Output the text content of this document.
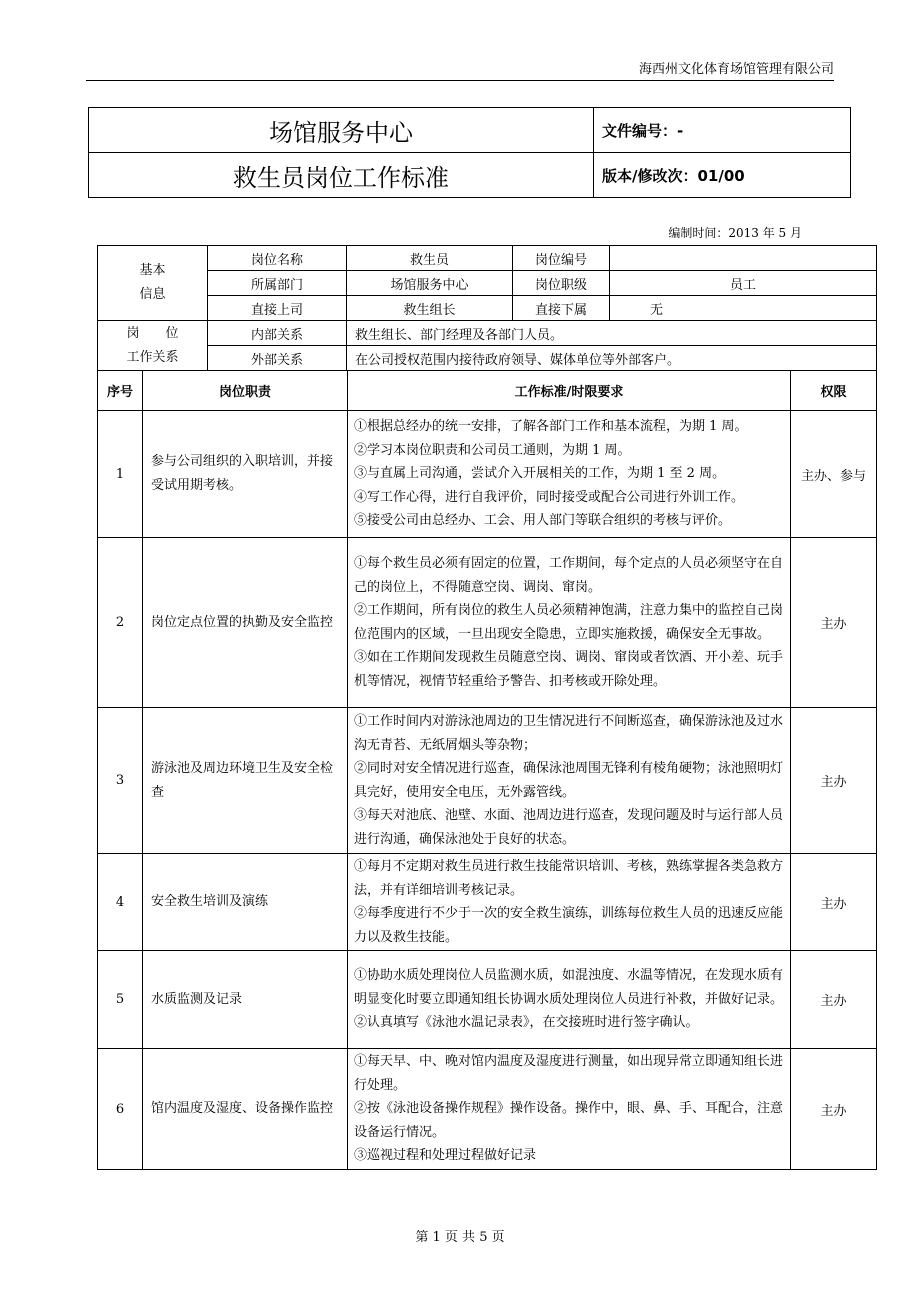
海西州文化体育场馆管理有限公司
场馆服务中心	文件编号：-
救生员岗位工作标准	版本/修改次：01/00
编制时间：2013 年 5 月
基本
信息	岗位名称	救生员	岗位编号	
	所属部门	场馆服务中心	岗位职级	员工
	直接上司	救生组长	直接下属	无
岗　　位
工作关系	内部关系	救生组长、部门经理及各部门人员。		
	外部关系	在公司授权范围内接待政府领导、媒体单位等外部客户。		
序号	岗位职责	工作标准/时限要求	权限
1	参与公司组织的入职培训，并接受试用期考核。	①根据总经办的统一安排，了解各部门工作和基本流程，为期 1 周。
②学习本岗位职责和公司员工通则，为期 1 周。
③与直属上司沟通，尝试介入开展相关的工作，为期 1 至 2 周。
④写工作心得，进行自我评价，同时接受或配合公司进行外训工作。
⑤接受公司由总经办、工会、用人部门等联合组织的考核与评价。	主办、参与
2	岗位定点位置的执勤及安全监控	①每个救生员必须有固定的位置，工作期间，每个定点的人员必须坚守在自己的岗位上，不得随意空岗、调岗、窜岗。
②工作期间，所有岗位的救生人员必须精神饱满，注意力集中的监控自己岗位范围内的区域，一旦出现安全隐患，立即实施救援，确保安全无事故。
③如在工作期间发现救生员随意空岗、调岗、窜岗或者饮酒、开小差、玩手机等情况，视情节轻重给予警告、扣考核或开除处理。	主办
3	游泳池及周边环境卫生及安全检查	①工作时间内对游泳池周边的卫生情况进行不间断巡查，确保游泳池及过水沟无青苔、无纸屑烟头等杂物；
②同时对安全情况进行巡查，确保泳池周围无锋利有棱角硬物；泳池照明灯具完好，使用安全电压，无外露管线。
③每天对池底、池壁、水面、池周边进行巡查，发现问题及时与运行部人员进行沟通，确保泳池处于良好的状态。	主办
4	安全救生培训及演练	①每月不定期对救生员进行救生技能常识培训、考核，熟练掌握各类急救方法，并有详细培训考核记录。
②每季度进行不少于一次的安全救生演练，训练每位救生人员的迅速反应能力以及救生技能。	主办
5	水质监测及记录	①协助水质处理岗位人员监测水质，如混浊度、水温等情况，在发现水质有明显变化时要立即通知组长协调水质处理岗位人员进行补救，并做好记录。
②认真填写《泳池水温记录表》，在交接班时进行签字确认。	主办
6	馆内温度及湿度、设备操作监控	①每天早、中、晚对馆内温度及湿度进行测量，如出现异常立即通知组长进行处理。
②按《泳池设备操作规程》操作设备。操作中，眼、鼻、手、耳配合，注意设备运行情况。
③巡视过程和处理过程做好记录	主办
第 1 页 共 5 页
